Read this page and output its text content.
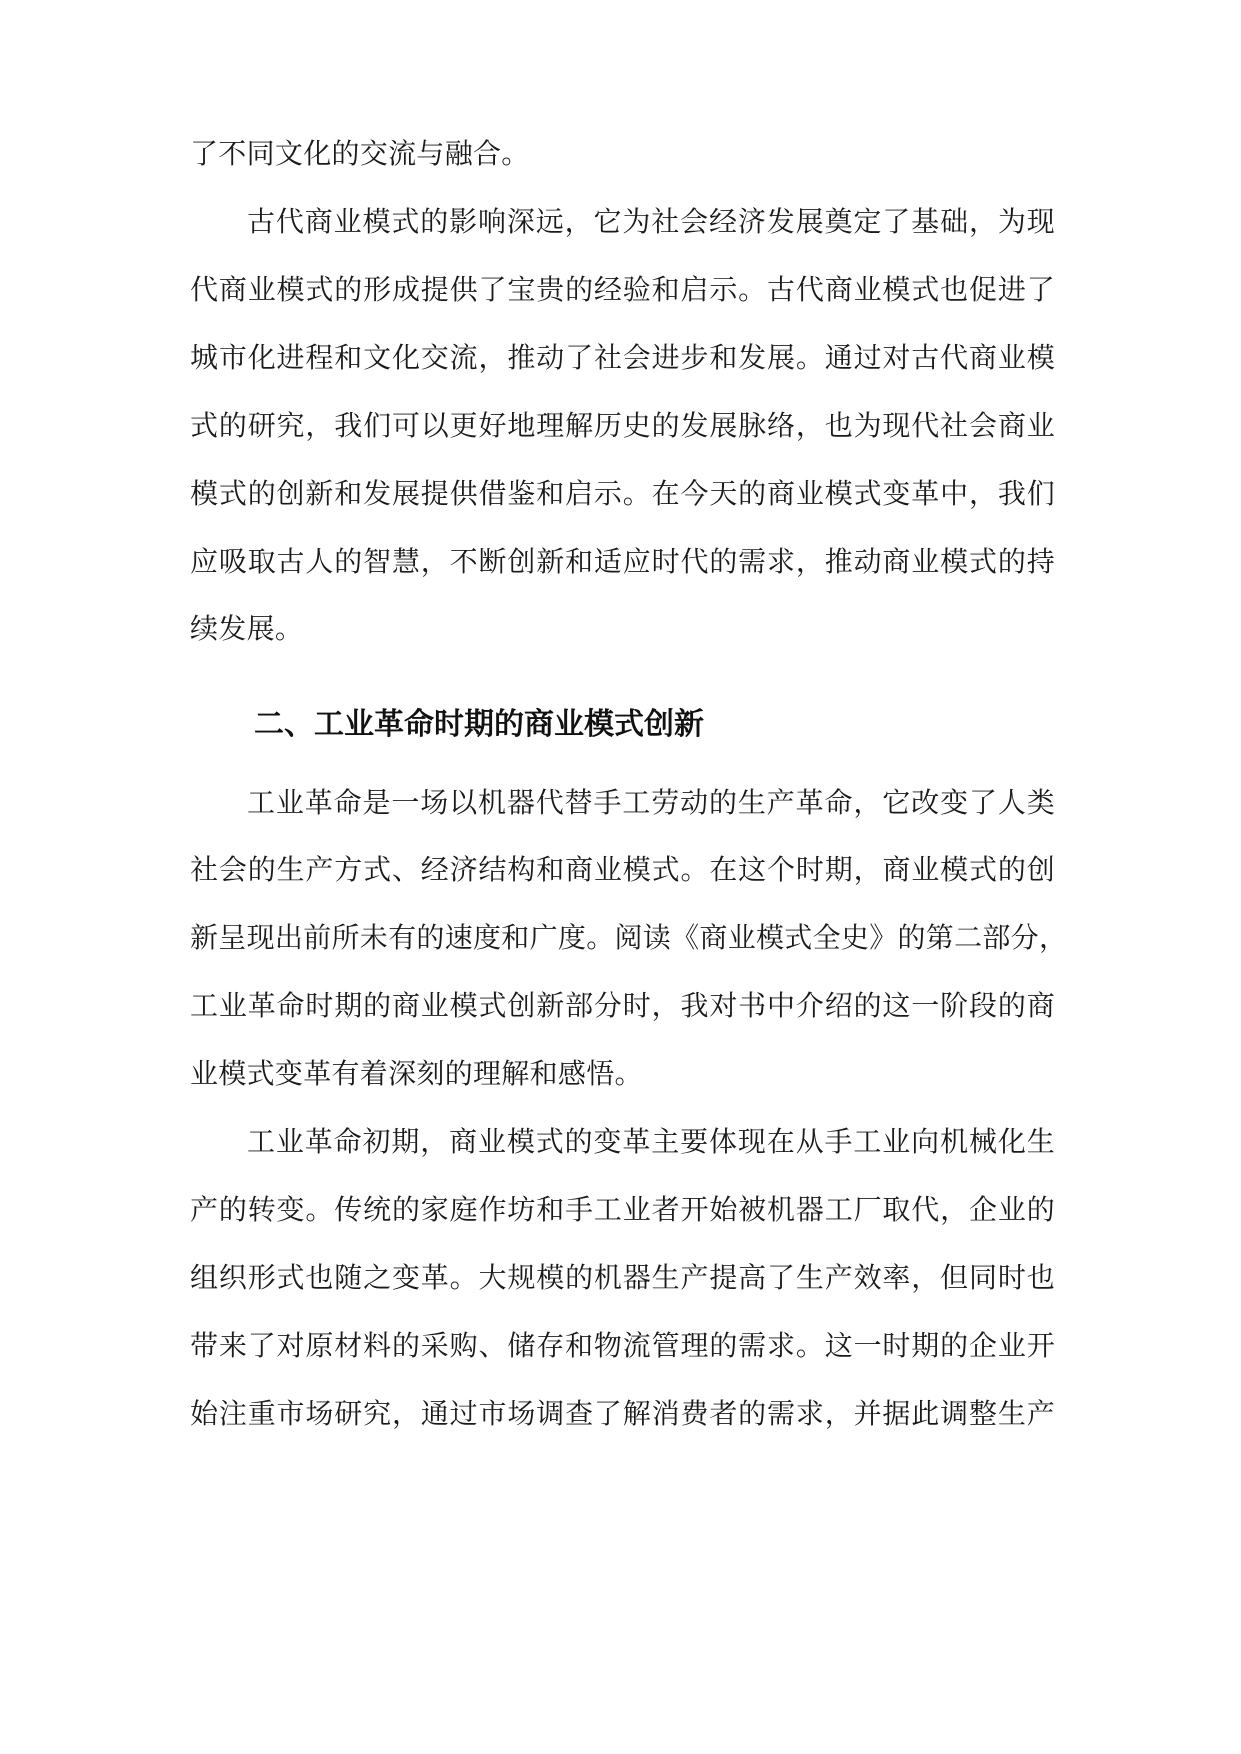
了不同文化的交流与融合。
古代商业模式的影响深远，它为社会经济发展奠定了基础，为现
代商业模式的形成提供了宝贵的经验和启示。古代商业模式也促进了
城市化进程和文化交流，推动了社会进步和发展。通过对古代商业模
式的研究，我们可以更好地理解历史的发展脉络，也为现代社会商业
模式的创新和发展提供借鉴和启示。在今天的商业模式变革中，我们
应吸取古人的智慧，不断创新和适应时代的需求，推动商业模式的持
续发展。
二、工业革命时期的商业模式创新
工业革命是一场以机器代替手工劳动的生产革命，它改变了人类
社会的生产方式、经济结构和商业模式。在这个时期，商业模式的创
新呈现出前所未有的速度和广度。阅读《商业模式全史》的第二部分，
工业革命时期的商业模式创新部分时，我对书中介绍的这一阶段的商
业模式变革有着深刻的理解和感悟。
工业革命初期，商业模式的变革主要体现在从手工业向机械化生
产的转变。传统的家庭作坊和手工业者开始被机器工厂取代，企业的
组织形式也随之变革。大规模的机器生产提高了生产效率，但同时也
带来了对原材料的采购、储存和物流管理的需求。这一时期的企业开
始注重市场研究，通过市场调查了解消费者的需求，并据此调整生产
